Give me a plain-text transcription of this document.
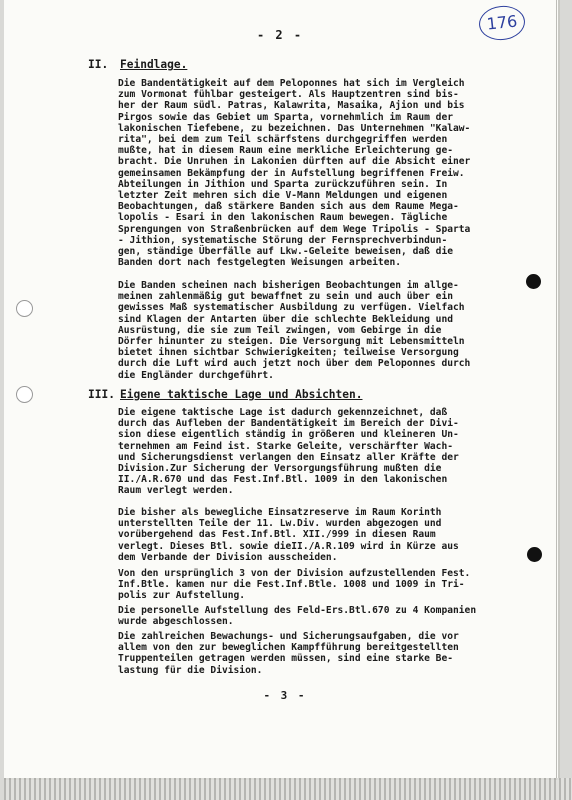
- 2 -
176
II. Feindlage.
Die Bandentätigkeit auf dem Peloponnes hat sich im Vergleich
zum Vormonat fühlbar gesteigert. Als Hauptzentren sind bis-
her der Raum südl. Patras, Kalawrita, Masaika, Ajion und bis
Pirgos sowie das Gebiet um Sparta, vornehmlich im Raum der
lakonischen Tiefebene, zu bezeichnen. Das Unternehmen "Kalaw-
rita", bei dem zum Teil schärfstens durchgegriffen werden
mußte, hat in diesem Raum eine merkliche Erleichterung ge-
bracht. Die Unruhen in Lakonien dürften auf die Absicht einer
gemeinsamen Bekämpfung der in Aufstellung begriffenen Freiw.
Abteilungen in Jithion und Sparta zurückzuführen sein. In
letzter Zeit mehren sich die V-Mann Meldungen und eigenen
Beobachtungen, daß stärkere Banden sich aus dem Raume Mega-
lopolis - Esari in den lakonischen Raum bewegen. Tägliche
Sprengungen von Straßenbrücken auf dem Wege Tripolis - Sparta
- Jithion, systematische Störung der Fernsprechverbindun-
gen, ständige Überfälle auf Lkw.-Geleite beweisen, daß die
Banden dort nach festgelegten Weisungen arbeiten.
Die Banden scheinen nach bisherigen Beobachtungen im allge-
meinen zahlenmäßig gut bewaffnet zu sein und auch über ein
gewisses Maß systematischer Ausbildung zu verfügen. Vielfach
sind Klagen der Antarten über die schlechte Bekleidung und
Ausrüstung, die sie zum Teil zwingen, vom Gebirge in die
Dörfer hinunter zu steigen. Die Versorgung mit Lebensmitteln
bietet ihnen sichtbar Schwierigkeiten; teilweise Versorgung
durch die Luft wird auch jetzt noch über dem Peloponnes durch
die Engländer durchgeführt.
III. Eigene taktische Lage und Absichten.
Die eigene taktische Lage ist dadurch gekennzeichnet, daß
durch das Aufleben der Bandentätigkeit im Bereich der Divi-
sion diese eigentlich ständig in größeren und kleineren Un-
ternehmen am Feind ist. Starke Geleite, verschärfter Wach-
und Sicherungsdienst verlangen den Einsatz aller Kräfte der
Division.Zur Sicherung der Versorgungsführung mußten die
II./A.R.670 und das Fest.Inf.Btl. 1009 in den lakonischen
Raum verlegt werden.
Die bisher als bewegliche Einsatzreserve im Raum Korinth
unterstellten Teile der 11. Lw.Div. wurden abgezogen und
vorübergehend das Fest.Inf.Btl. XII./999 in diesen Raum
verlegt. Dieses Btl. sowie dieII./A.R.109 wird in Kürze aus
dem Verbande der Division ausscheiden.
Von den ursprünglich 3 von der Division aufzustellenden Fest.
Inf.Btle. kamen nur die Fest.Inf.Btle. 1008 und 1009 in Tri-
polis zur Aufstellung.
Die personelle Aufstellung des Feld-Ers.Btl.670 zu 4 Kompanien
wurde abgeschlossen.
Die zahlreichen Bewachungs- und Sicherungsaufgaben, die vor
allem von den zur beweglichen Kampfführung bereitgestellten
Truppenteilen getragen werden müssen, sind eine starke Be-
lastung für die Division.
- 3 -
